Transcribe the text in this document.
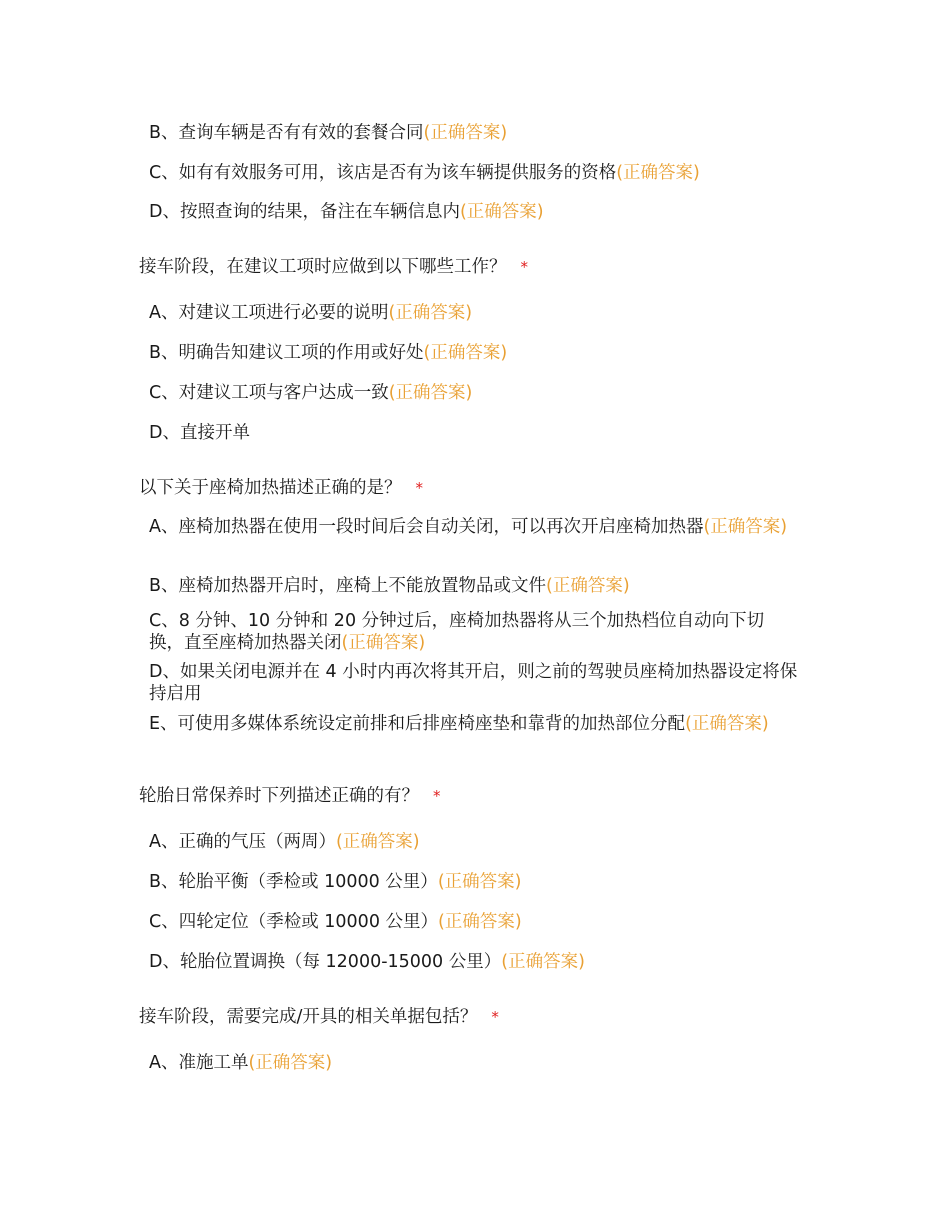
B、查询车辆是否有有效的套餐合同(正确答案)
C、如有有效服务可用，该店是否有为该车辆提供服务的资格(正确答案)
D、按照查询的结果，备注在车辆信息内(正确答案)
接车阶段，在建议工项时应做到以下哪些工作？ *
A、对建议工项进行必要的说明(正确答案)
B、明确告知建议工项的作用或好处(正确答案)
C、对建议工项与客户达成一致(正确答案)
D、直接开单
以下关于座椅加热描述正确的是？ *
A、座椅加热器在使用一段时间后会自动关闭，可以再次开启座椅加热器(正确答案)
B、座椅加热器开启时，座椅上不能放置物品或文件(正确答案)
C、8 分钟、10 分钟和 20 分钟过后，座椅加热器将从三个加热档位自动向下切换，直至座椅加热器关闭(正确答案)
D、如果关闭电源并在 4 小时内再次将其开启，则之前的驾驶员座椅加热器设定将保持启用
E、可使用多媒体系统设定前排和后排座椅座垫和靠背的加热部位分配(正确答案)
轮胎日常保养时下列描述正确的有？ *
A、正确的气压（两周）(正确答案)
B、轮胎平衡（季检或 10000 公里）(正确答案)
C、四轮定位（季检或 10000 公里）(正确答案)
D、轮胎位置调换（每 12000-15000 公里）(正确答案)
接车阶段，需要完成/开具的相关单据包括？ *
A、准施工单(正确答案)
